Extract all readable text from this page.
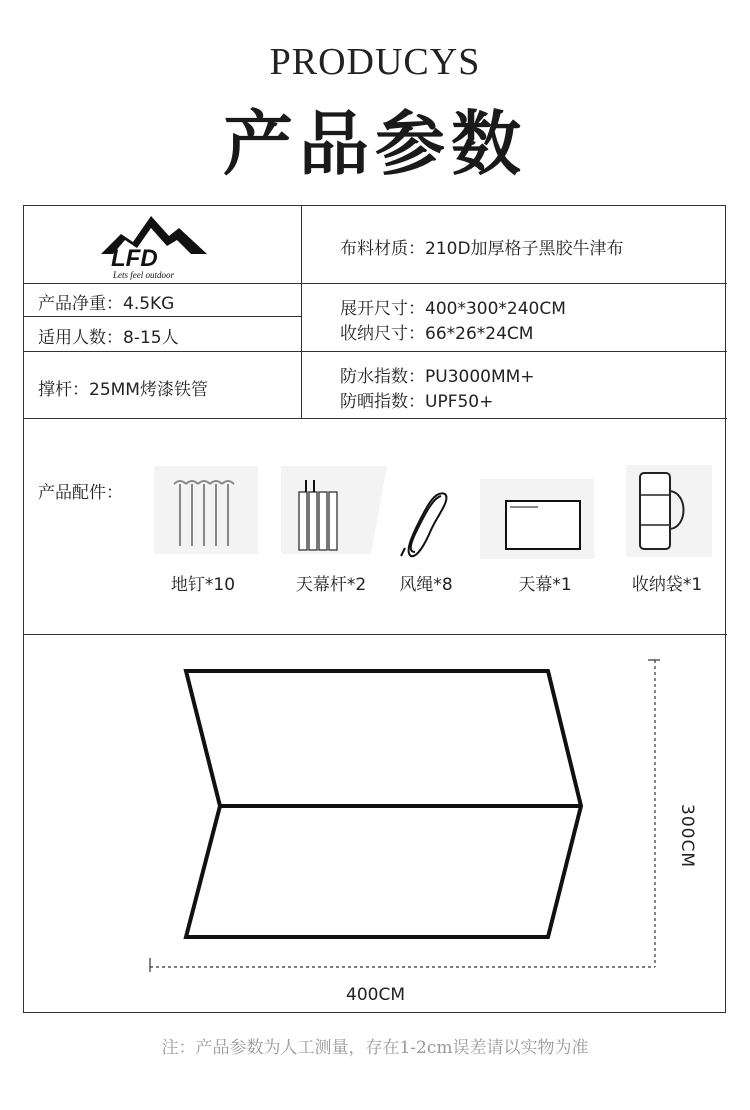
PRODUCYS
产品参数
LFD
Lets feel outdoor
布料材质：210D加厚格子黑胶牛津布
产品净重：4.5KG
适用人数：8-15人
展开尺寸：400*300*240CM
收纳尺寸：66*26*24CM
撑杆：25MM烤漆铁管
防水指数：PU3000MM+
防晒指数：UPF50+
产品配件：
地钉*10	天幕杆*2	风绳*8	天幕*1	收纳袋*1
300CM
400CM
注：产品参数为人工测量，存在1-2cm误差请以实物为准
